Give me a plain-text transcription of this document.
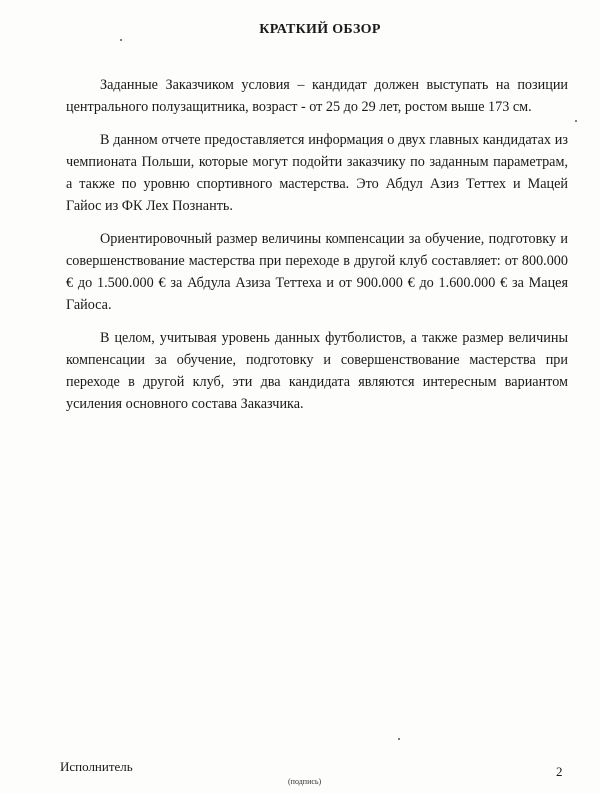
КРАТКИЙ ОБЗОР

Заданные Заказчиком условия – кандидат должен выступать на позиции центрального полузащитника, возраст - от 25 до 29 лет, ростом выше 173 см.

В данном отчете предоставляется информация о двух главных кандидатах из чемпионата Польши, которые могут подойти заказчику по заданным параметрам, а также по уровню спортивного мастерства. Это Абдул Азиз Теттех и Мацей Гайос из ФК Лех Познанть.

Ориентировочный размер величины компенсации за обучение, подготовку и совершенствование мастерства при переходе в другой клуб составляет: от 800.000 € до 1.500.000 € за Абдула Азиза Теттеха и от 900.000 € до 1.600.000 € за Мацея Гайоса.

В целом, учитывая уровень данных футболистов, а также размер величины компенсации за обучение, подготовку и совершенствование мастерства при переходе в другой клуб, эти два кандидата являются интересным вариантом усиления основного состава Заказчика.

Исполнитель
(подпись)
2
